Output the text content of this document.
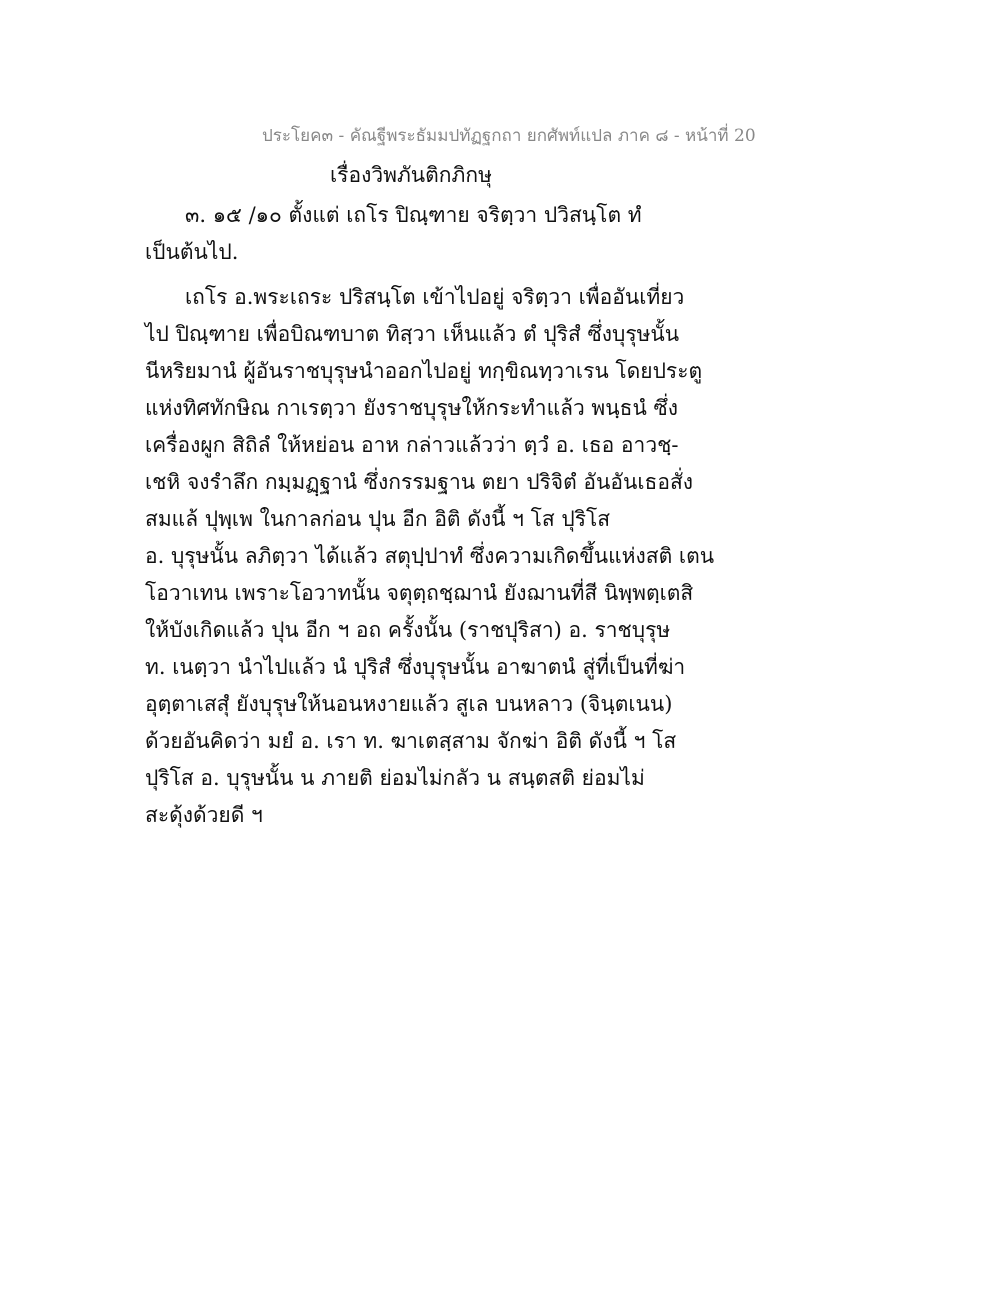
ประโยค๓ - คัณฐีพระธัมมปทัฏฐกถา ยกศัพท์แปล ภาค ๘ - หน้าที่ 20
เรื่องวิพภันติกภิกษุ
๓. ๑๕ /๑๐ ตั้งแต่ เถโร ปิณฺฑาย จริตฺวา ปวิสนฺโต ทํ
เป็นต้นไป.
เถโร อ.พระเถระ ปริสนฺโต เข้าไปอยู่ จริตฺวา เพื่ออันเที่ยว
ไป ปิณฺฑาย เพื่อบิณฑบาต ทิสฺวา เห็นแล้ว ตํ ปุริสํ ซึ่งบุรุษนั้น
นีหริยมานํ ผู้อันราชบุรุษนำออกไปอยู่ ทกฺขิณทฺวาเรน โดยประตู
แห่งทิศทักษิณ กาเรตฺวา ยังราชบุรุษให้กระทำแล้ว พนฺธนํ ซึ่ง
เครื่องผูก สิถิลํ ให้หย่อน อาห กล่าวแล้วว่า ตฺวํ อ. เธอ อาวชฺ-
เชหิ จงรำลึก กมฺมฏฺฐานํ ซึ่งกรรมฐาน ตยา ปริจิตํ อันอันเธอสั่ง
สมแล้ ปุพฺเพ ในกาลก่อน ปุน อีก อิติ ดังนี้ ฯ โส ปุริโส
อ. บุรุษนั้น ลภิตฺวา ได้แล้ว สตุปฺปาทํ ซึ่งความเกิดขึ้นแห่งสติ เตน
โอวาเทน เพราะโอวาทนั้น จตุตฺถชฺฌานํ ยังฌานที่สี นิพฺพตฺเตสิ
ให้บังเกิดแล้ว ปุน อีก ฯ อถ ครั้งนั้น (ราชปุริสา) อ. ราชบุรุษ
ท. เนตฺวา นำไปแล้ว นํ ปุริสํ ซึ่งบุรุษนั้น อาฆาตนํ สู่ที่เป็นที่ฆ่า
อุตฺตาเสสุํ ยังบุรุษให้นอนหงายแล้ว สูเล บนหลาว (จินฺตเนน)
ด้วยอันคิดว่า มยํ อ. เรา ท. ฆาเตสฺสาม จักฆ่า อิติ ดังนี้ ฯ โส
ปุริโส อ. บุรุษนั้น น ภายติ ย่อมไม่กลัว น สนฺตสติ ย่อมไม่
สะดุ้งด้วยดี ฯ
